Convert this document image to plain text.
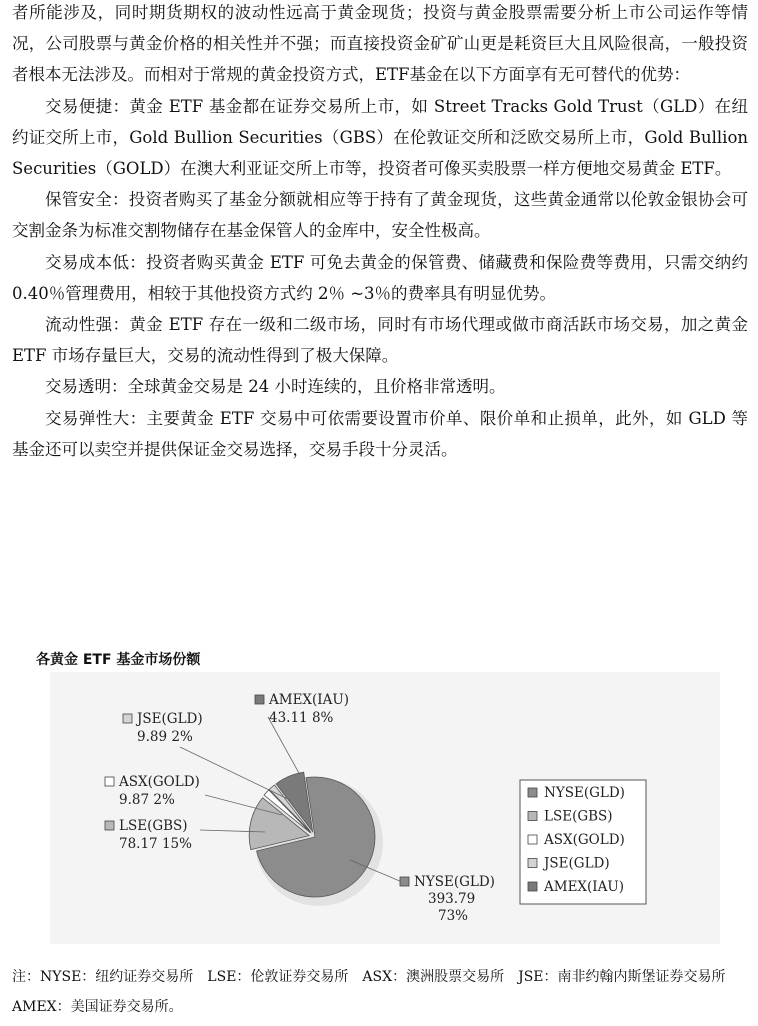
者所能涉及，同时期货期权的波动性远高于黄金现货；投资与黄金股票需要分析上市公司运作等情况，公司股票与黄金价格的相关性并不强；而直接投资金矿矿山更是耗资巨大且风险很高，一般投资者根本无法涉及。而相对于常规的黄金投资方式，ETF基金在以下方面享有无可替代的优势：

交易便捷：黄金 ETF 基金都在证券交易所上市，如 Street Tracks Gold Trust（GLD）在纽约证交所上市，Gold Bullion Securities（GBS）在伦敦证交所和泛欧交易所上市，Gold Bullion Securities（GOLD）在澳大利亚证交所上市等，投资者可像买卖股票一样方便地交易黄金 ETF。

保管安全：投资者购买了基金分额就相应等于持有了黄金现货，这些黄金通常以伦敦金银协会可交割金条为标准交割物储存在基金保管人的金库中，安全性极高。

交易成本低：投资者购买黄金 ETF 可免去黄金的保管费、储藏费和保险费等费用，只需交纳约 0.40％管理费用，相较于其他投资方式约 2％ ~3％的费率具有明显优势。

流动性强：黄金 ETF 存在一级和二级市场，同时有市场代理或做市商活跃市场交易，加之黄金 ETF 市场存量巨大，交易的流动性得到了极大保障。

交易透明：全球黄金交易是 24 小时连续的，且价格非常透明。

交易弹性大：主要黄金 ETF 交易中可依需要设置市价单、限价单和止损单，此外，如 GLD 等基金还可以卖空并提供保证金交易选择，交易手段十分灵活。

各黄金 ETF 基金市场份额
NYSE(GLD)
393.79
73%
LSE(GBS)
78.17 15%
ASX(GOLD)
9.87 2%
JSE(GLD)
9.89 2%
AMEX(IAU)
43.11 8%
NYSE(GLD)
LSE(GBS)
ASX(GOLD)
JSE(GLD)
AMEX(IAU)
注：NYSE：纽约证券交易所　LSE：伦敦证券交易所　ASX：澳洲股票交易所　JSE：南非约翰内斯堡证券交易所　AMEX：美国证券交易所。
